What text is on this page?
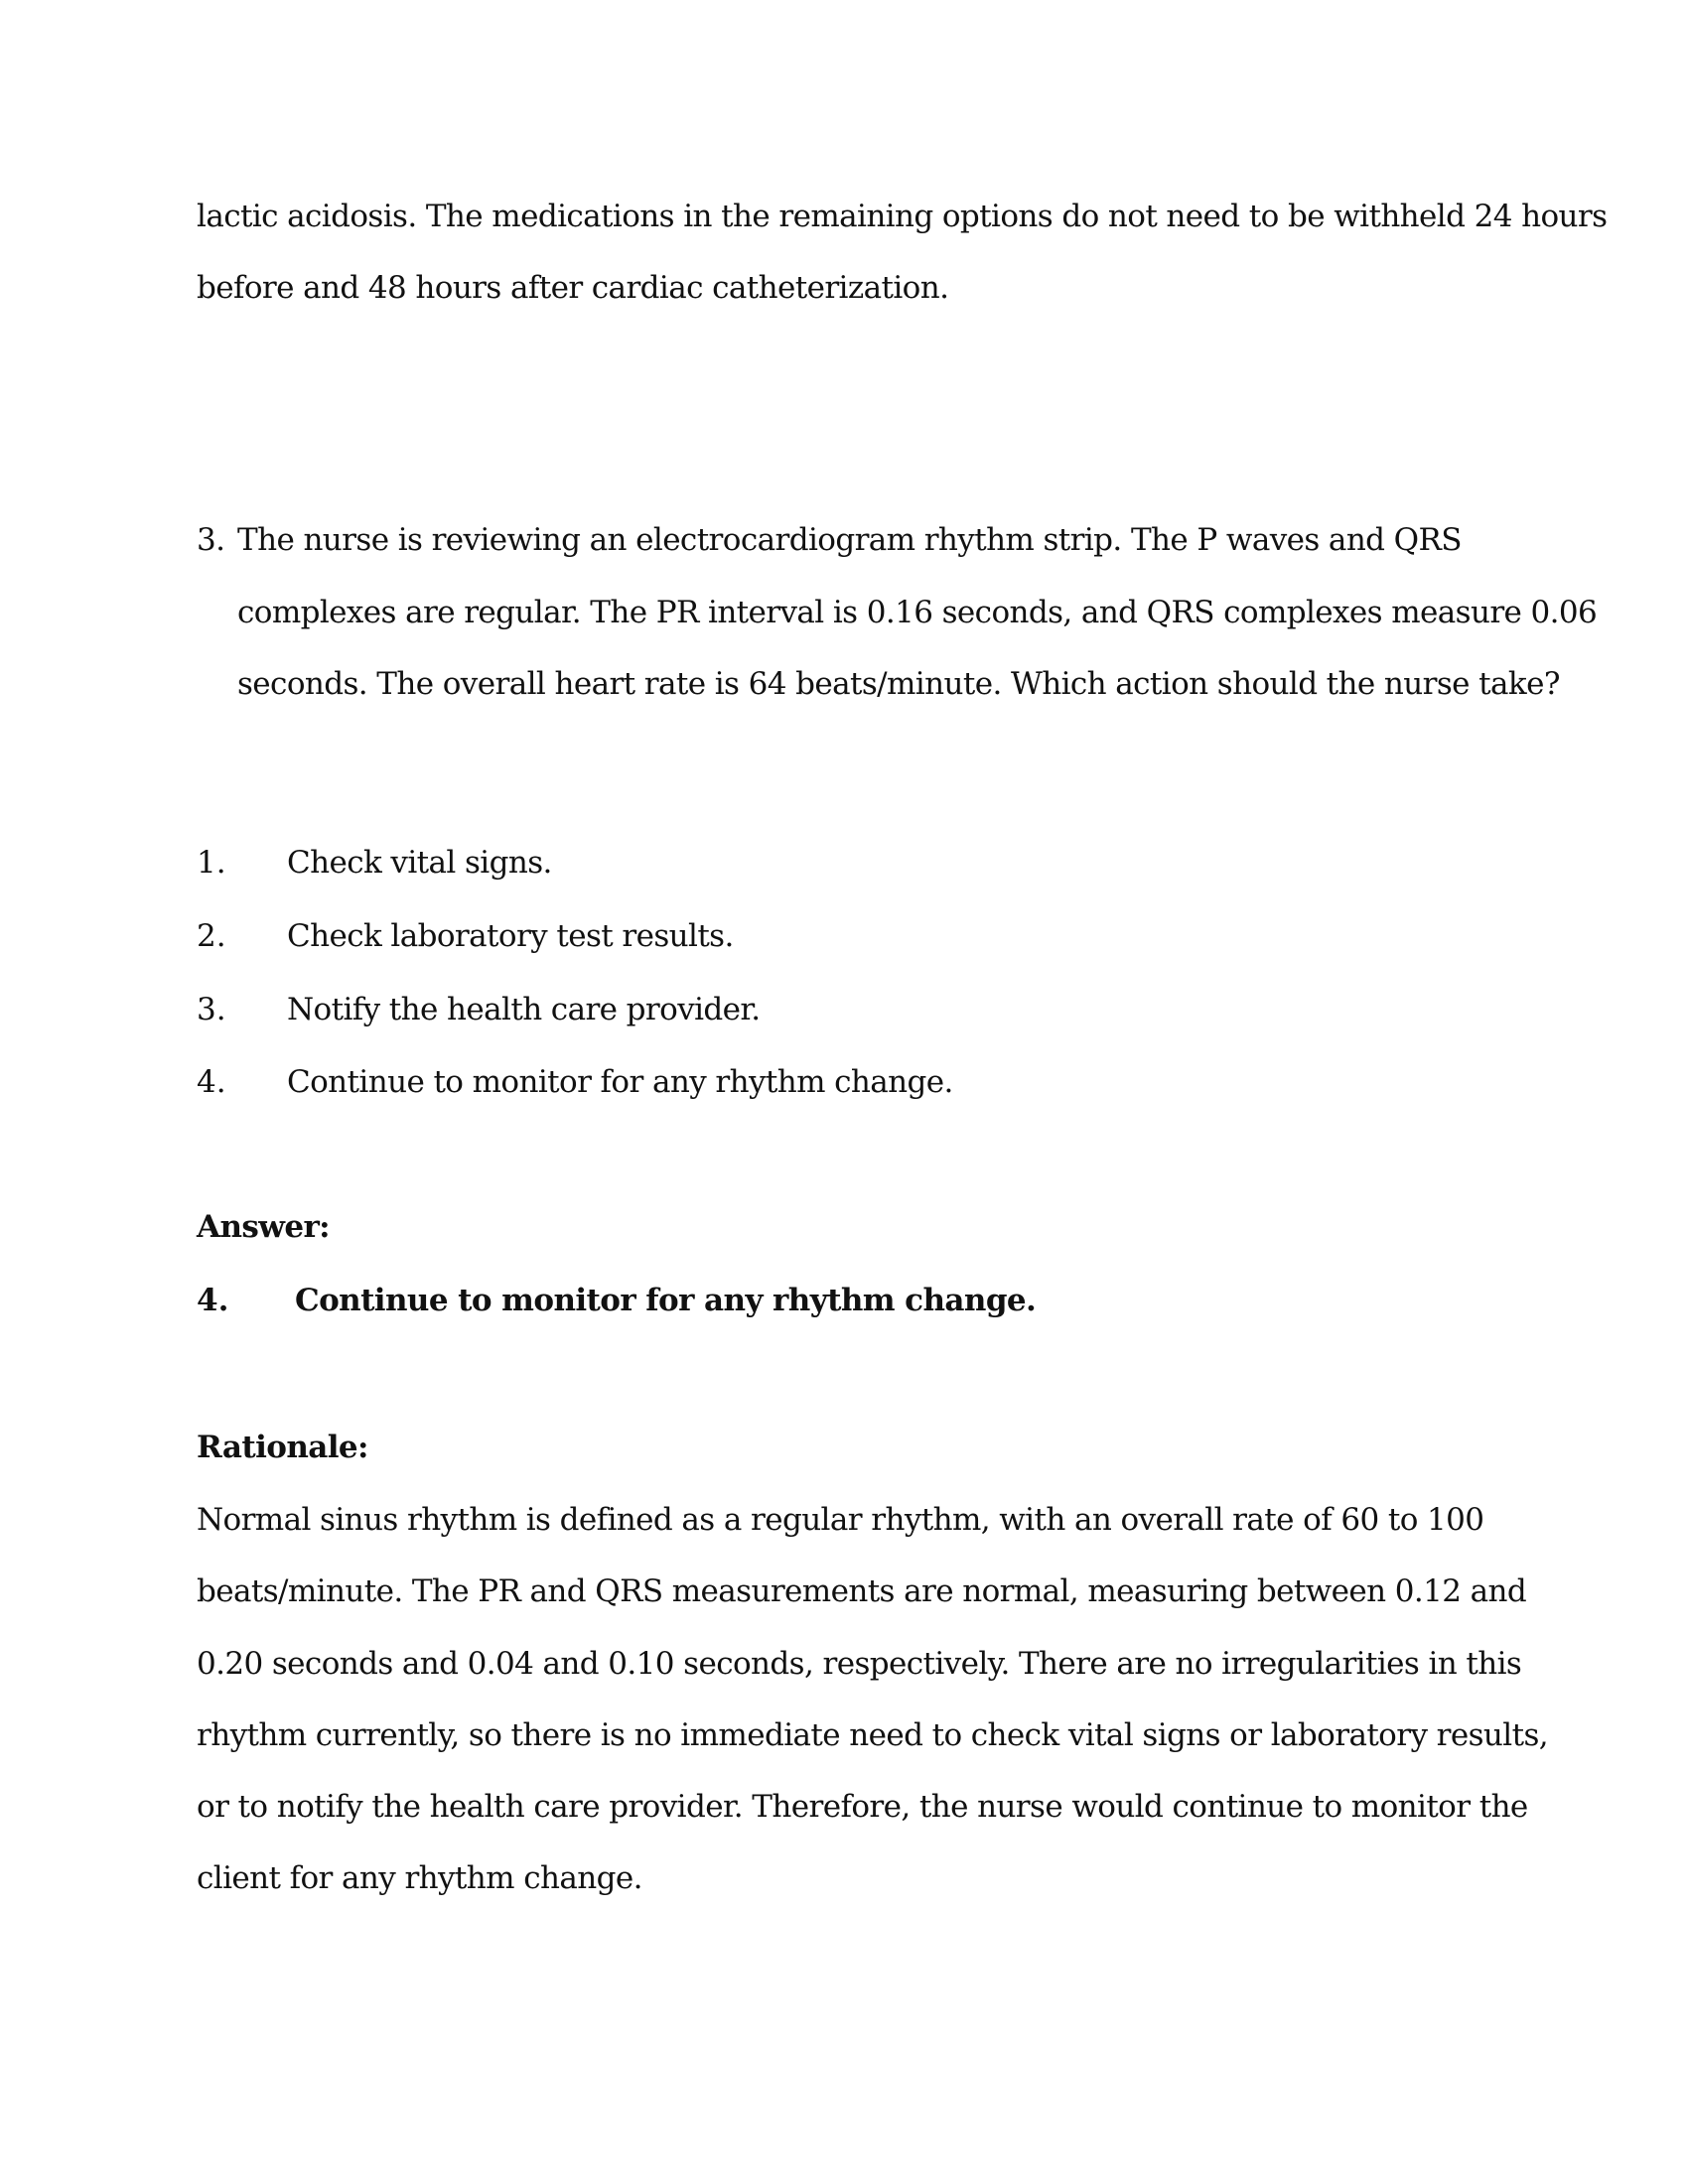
lactic acidosis. The medications in the remaining options do not need to be withheld 24 hours
before and 48 hours after cardiac catheterization.
3. The nurse is reviewing an electrocardiogram rhythm strip. The P waves and QRS
complexes are regular. The PR interval is 0.16 seconds, and QRS complexes measure 0.06
seconds. The overall heart rate is 64 beats/minute. Which action should the nurse take?
1. Check vital signs.
2. Check laboratory test results.
3. Notify the health care provider.
4. Continue to monitor for any rhythm change.
Answer:
4. Continue to monitor for any rhythm change.
Rationale:
Normal sinus rhythm is defined as a regular rhythm, with an overall rate of 60 to 100
beats/minute. The PR and QRS measurements are normal, measuring between 0.12 and
0.20 seconds and 0.04 and 0.10 seconds, respectively. There are no irregularities in this
rhythm currently, so there is no immediate need to check vital signs or laboratory results,
or to notify the health care provider. Therefore, the nurse would continue to monitor the
client for any rhythm change.
